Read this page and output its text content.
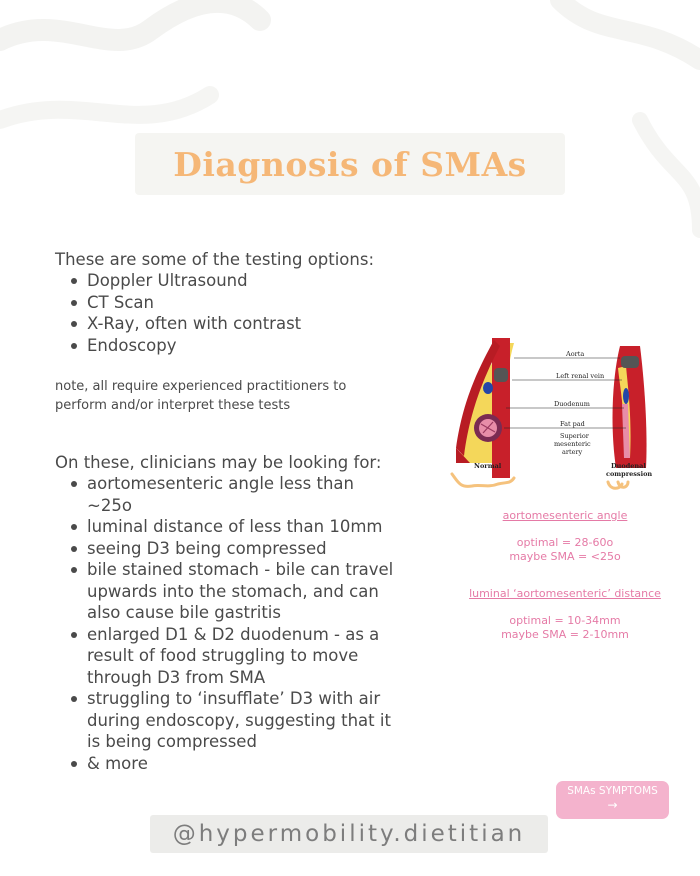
Diagnosis of SMAs

These are some of the testing options:

Doppler Ultrasound
CT Scan
X-Ray, often with contrast
Endoscopy

note, all require experienced practitioners to perform and/or interpret these tests

On these, clinicians may be looking for:

aortomesenteric angle less than ~25o
luminal distance of less than 10mm
seeing D3 being compressed
bile stained stomach - bile can travel upwards into the stomach, and can also cause bile gastritis
enlarged D1 & D2 duodenum - as a result of food struggling to move through D3 from SMA
struggling to ‘insufflate’ D3 with air during endoscopy, suggesting that it is being compressed
& more
Aorta
Left renal vein
Duodenum
Fat pad
Superior
mesenteric
artery
Normal	Duodenal
compression

aortomesenteric angle

optimal = 28-60o

maybe SMA = <25o

luminal ‘aortomesenteric’ distance

optimal = 10-34mm

maybe SMA = 2-10mm

SMAs SYMPTOMS
→
@hypermobility.dietitian
